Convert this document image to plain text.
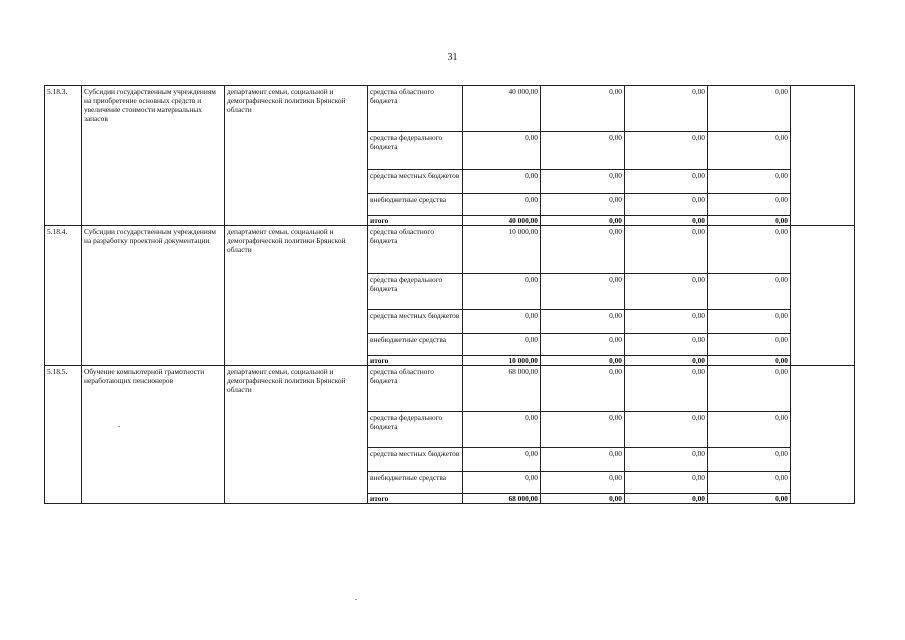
31
5.18.3.	Субсидии государственным учреждениям на приобретение основных средств и увеличение стоимости материальных запасов	департамент семьи, социальной и демографической политики Брянской области	средства областного бюджета	40 000,00	0,00	0,00	0,00	
			средства федерального бюджета	0,00	0,00	0,00	0,00	
			средства местных бюджетов	0,00	0,00	0,00	0,00	
			внебюджетные средства	0,00	0,00	0,00	0,00	
			итого	40 000,00	0,00	0,00	0,00	
5.18.4.	Субсидии государственным учреждениям на разработку проектной документации	департамент семьи, социальной и демографической политики Брянской области	средства областного бюджета	10 000,00	0,00	0,00	0,00	
			средства федерального бюджета	0,00	0,00	0,00	0,00	
			средства местных бюджетов	0,00	0,00	0,00	0,00	
			внебюджетные средства	0,00	0,00	0,00	0,00	
			итого	10 000,00	0,00	0,00	0,00	
5.18.5.	Обучение компьютерной грамотности неработающих пенсионеров	департамент семьи, социальной и демографической политики Брянской области	средства областного бюджета	68 000,00	0,00	0,00	0,00	
			средства федерального бюджета	0,00	0,00	0,00	0,00	
			средства местных бюджетов	0,00	0,00	0,00	0,00	
			внебюджетные средства	0,00	0,00	0,00	0,00	
			итого	68 000,00	0,00	0,00	0,00	
